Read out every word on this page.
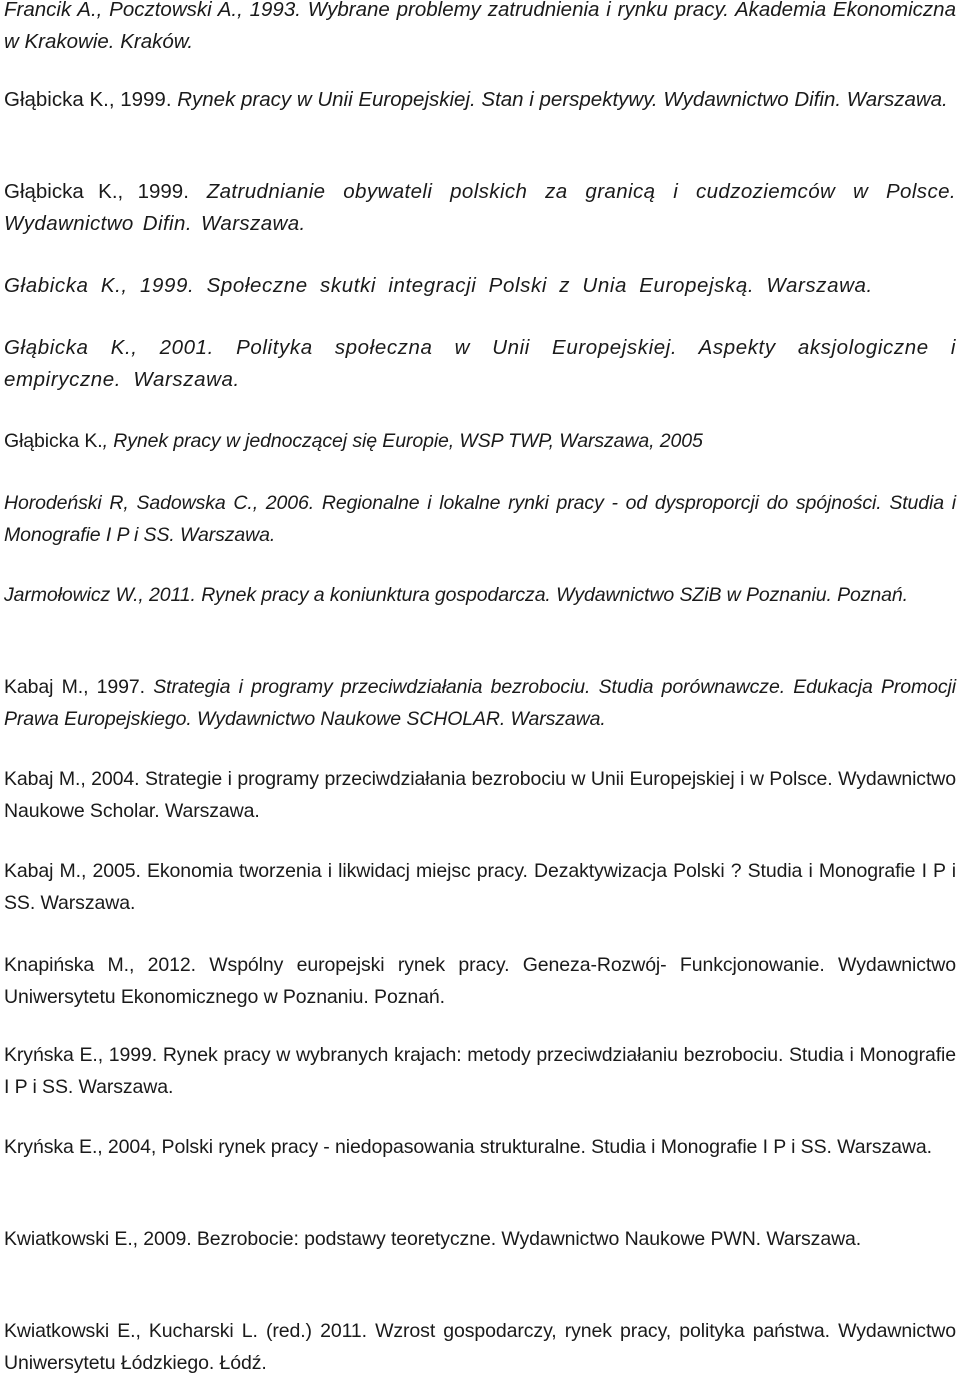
Francik A., Pocztowski A., 1993. Wybrane problemy zatrudnienia i rynku pracy. Akademia Ekonomiczna w Krakowie. Kraków.

Głąbicka K., 1999. Rynek pracy w Unii Europejskiej. Stan i perspektywy. Wydawnictwo Difin. Warszawa.

Głąbicka K., 1999. Zatrudnianie obywateli polskich za granicą i cudzoziemców w Polsce. Wydawnictwo Difin. Warszawa.

Głabicka K., 1999. Społeczne skutki integracji Polski z Unia Europejską. Warszawa.

Głąbicka K., 2001. Polityka społeczna w Unii Europejskiej. Aspekty aksjologiczne i empiryczne. Warszawa.

Głąbicka K., Rynek pracy w jednoczącej się Europie, WSP TWP, Warszawa, 2005

Horodeński R, Sadowska C., 2006. Regionalne i lokalne rynki pracy - od dysproporcji do spójności. Studia i Monografie I P i SS. Warszawa.

Jarmołowicz W., 2011. Rynek pracy a koniunktura gospodarcza. Wydawnictwo SZiB w Poznaniu. Poznań.

Kabaj M., 1997. Strategia i programy przeciwdziałania bezrobociu. Studia porównawcze. Edukacja Promocji Prawa Europejskiego. Wydawnictwo Naukowe SCHOLAR. Warszawa.

Kabaj M., 2004. Strategie i programy przeciwdziałania bezrobociu w Unii Europejskiej i w Polsce. Wydawnictwo Naukowe Scholar. Warszawa.

Kabaj M., 2005. Ekonomia tworzenia i likwidacj miejsc pracy. Dezaktywizacja Polski ? Studia i Monografie I P i SS. Warszawa.

Knapińska M., 2012. Wspólny europejski rynek pracy. Geneza-Rozwój- Funkcjonowanie. Wydawnictwo Uniwersytetu Ekonomicznego w Poznaniu. Poznań.

Kryńska E., 1999. Rynek pracy w wybranych krajach: metody przeciwdziałaniu bezrobociu. Studia i Monografie I P i SS. Warszawa.

Kryńska E., 2004, Polski rynek pracy - niedopasowania strukturalne. Studia i Monografie I P i SS. Warszawa.

Kwiatkowski E., 2009. Bezrobocie: podstawy teoretyczne. Wydawnictwo Naukowe PWN. Warszawa.

Kwiatkowski E., Kucharski L. (red.) 2011. Wzrost gospodarczy, rynek pracy, polityka państwa. Wydawnictwo Uniwersytetu Łódzkiego. Łódź.
